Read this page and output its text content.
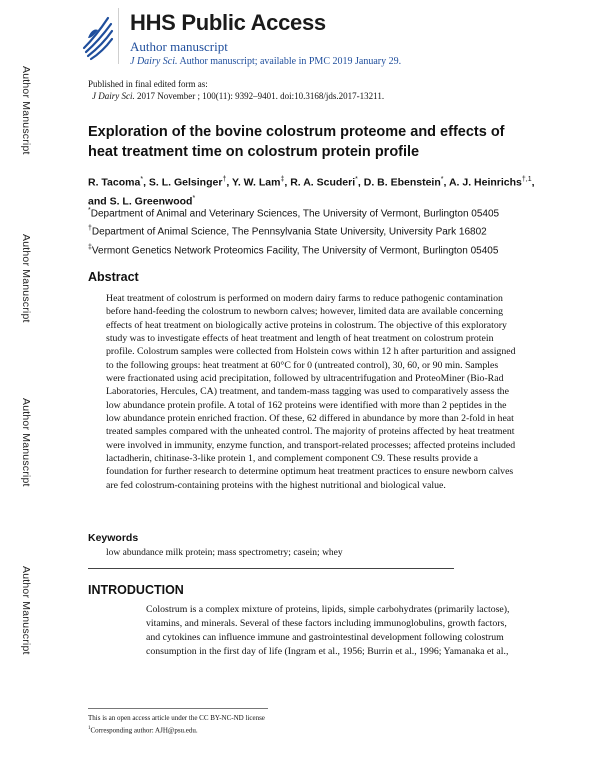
Author Manuscript
Author Manuscript
Author Manuscript
Author Manuscript
HHS Public Access
Author manuscript
J Dairy Sci. Author manuscript; available in PMC 2019 January 29.
Published in final edited form as:
J Dairy Sci. 2017 November ; 100(11): 9392–9401. doi:10.3168/jds.2017-13211.
Exploration of the bovine colostrum proteome and effects of heat treatment time on colostrum protein profile
R. Tacoma*, S. L. Gelsinger†, Y. W. Lam‡, R. A. Scuderi*, D. B. Ebenstein*, A. J. Heinrichs$^{\dagger,1}$,
and S. L. Greenwood*
*Department of Animal and Veterinary Sciences, The University of Vermont, Burlington 05405
†Department of Animal Science, The Pennsylvania State University, University Park 16802
‡Vermont Genetics Network Proteomics Facility, The University of Vermont, Burlington 05405
Abstract

Heat treatment of colostrum is performed on modern dairy farms to reduce pathogenic contamination before hand-feeding the colostrum to newborn calves; however, limited data are available concerning effects of heat treatment on biologically active proteins in colostrum. The objective of this exploratory study was to investigate effects of heat treatment and length of heat treatment on colostrum protein profile. Colostrum samples were collected from Holstein cows within 12 h after parturition and assigned to the following groups: heat treatment at 60°C for 0 (untreated control), 30, 60, or 90 min. Samples were fractionated using acid precipitation, followed by ultracentrifugation and ProteoMiner (Bio-Rad Laboratories, Hercules, CA) treatment, and tandem-mass tagging was used to comparatively assess the low abundance protein profile. A total of 162 proteins were identified with more than 2 peptides in the low abundance protein enriched fraction. Of these, 62 differed in abundance by more than 2-fold in heat treated samples compared with the unheated control. The majority of proteins affected by heat treatment were involved in immunity, enzyme function, and transport-related processes; affected proteins included lactadherin, chitinase-3-like protein 1, and complement component C9. These results provide a foundation for further research to determine optimum heat treatment practices to ensure newborn calves are fed colostrum-containing proteins with the highest nutritional and biological value.

Keywords
low abundance milk protein; mass spectrometry; casein; whey
INTRODUCTION

Colostrum is a complex mixture of proteins, lipids, simple carbohydrates (primarily lactose), vitamins, and minerals. Several of these factors including immunoglobulins, growth factors, and cytokines can influence immune and gastrointestinal development following colostrum consumption in the first day of life (Ingram et al., 1956; Burrin et al., 1996; Yamanaka et al.,

This is an open access article under the CC BY-NC-ND license
$^1$Corresponding author: AJH@psu.edu.
